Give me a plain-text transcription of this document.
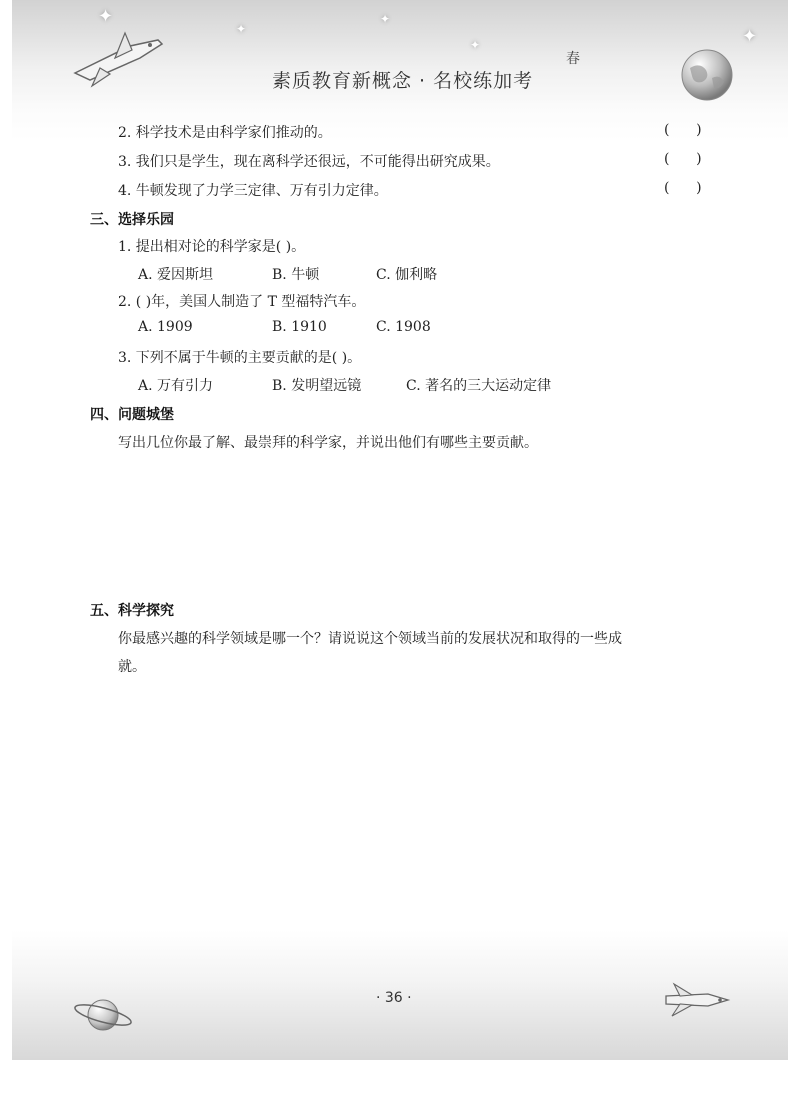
✦
✦
✦
✦	✦
素质教育新概念 · 名校练加考
春
2. 科学技术是由科学家们推动的。	(      )
3. 我们只是学生，现在离科学还很远，不可能得出研究成果。	(      )
4. 牛顿发现了力学三定律、万有引力定律。	(      )
三、选择乐园
1. 提出相对论的科学家是( )。
A. 爱因斯坦	B. 牛顿	C. 伽利略
2. ( )年，美国人制造了 T 型福特汽车。
A. 1909	B. 1910	C. 1908
3. 下列不属于牛顿的主要贡献的是( )。
A. 万有引力	B. 发明望远镜	C. 著名的三大运动定律
四、问题城堡
写出几位你最了解、最崇拜的科学家，并说出他们有哪些主要贡献。
五、科学探究
你最感兴趣的科学领域是哪一个？请说说这个领域当前的发展状况和取得的一些成
就。
· 36 ·
